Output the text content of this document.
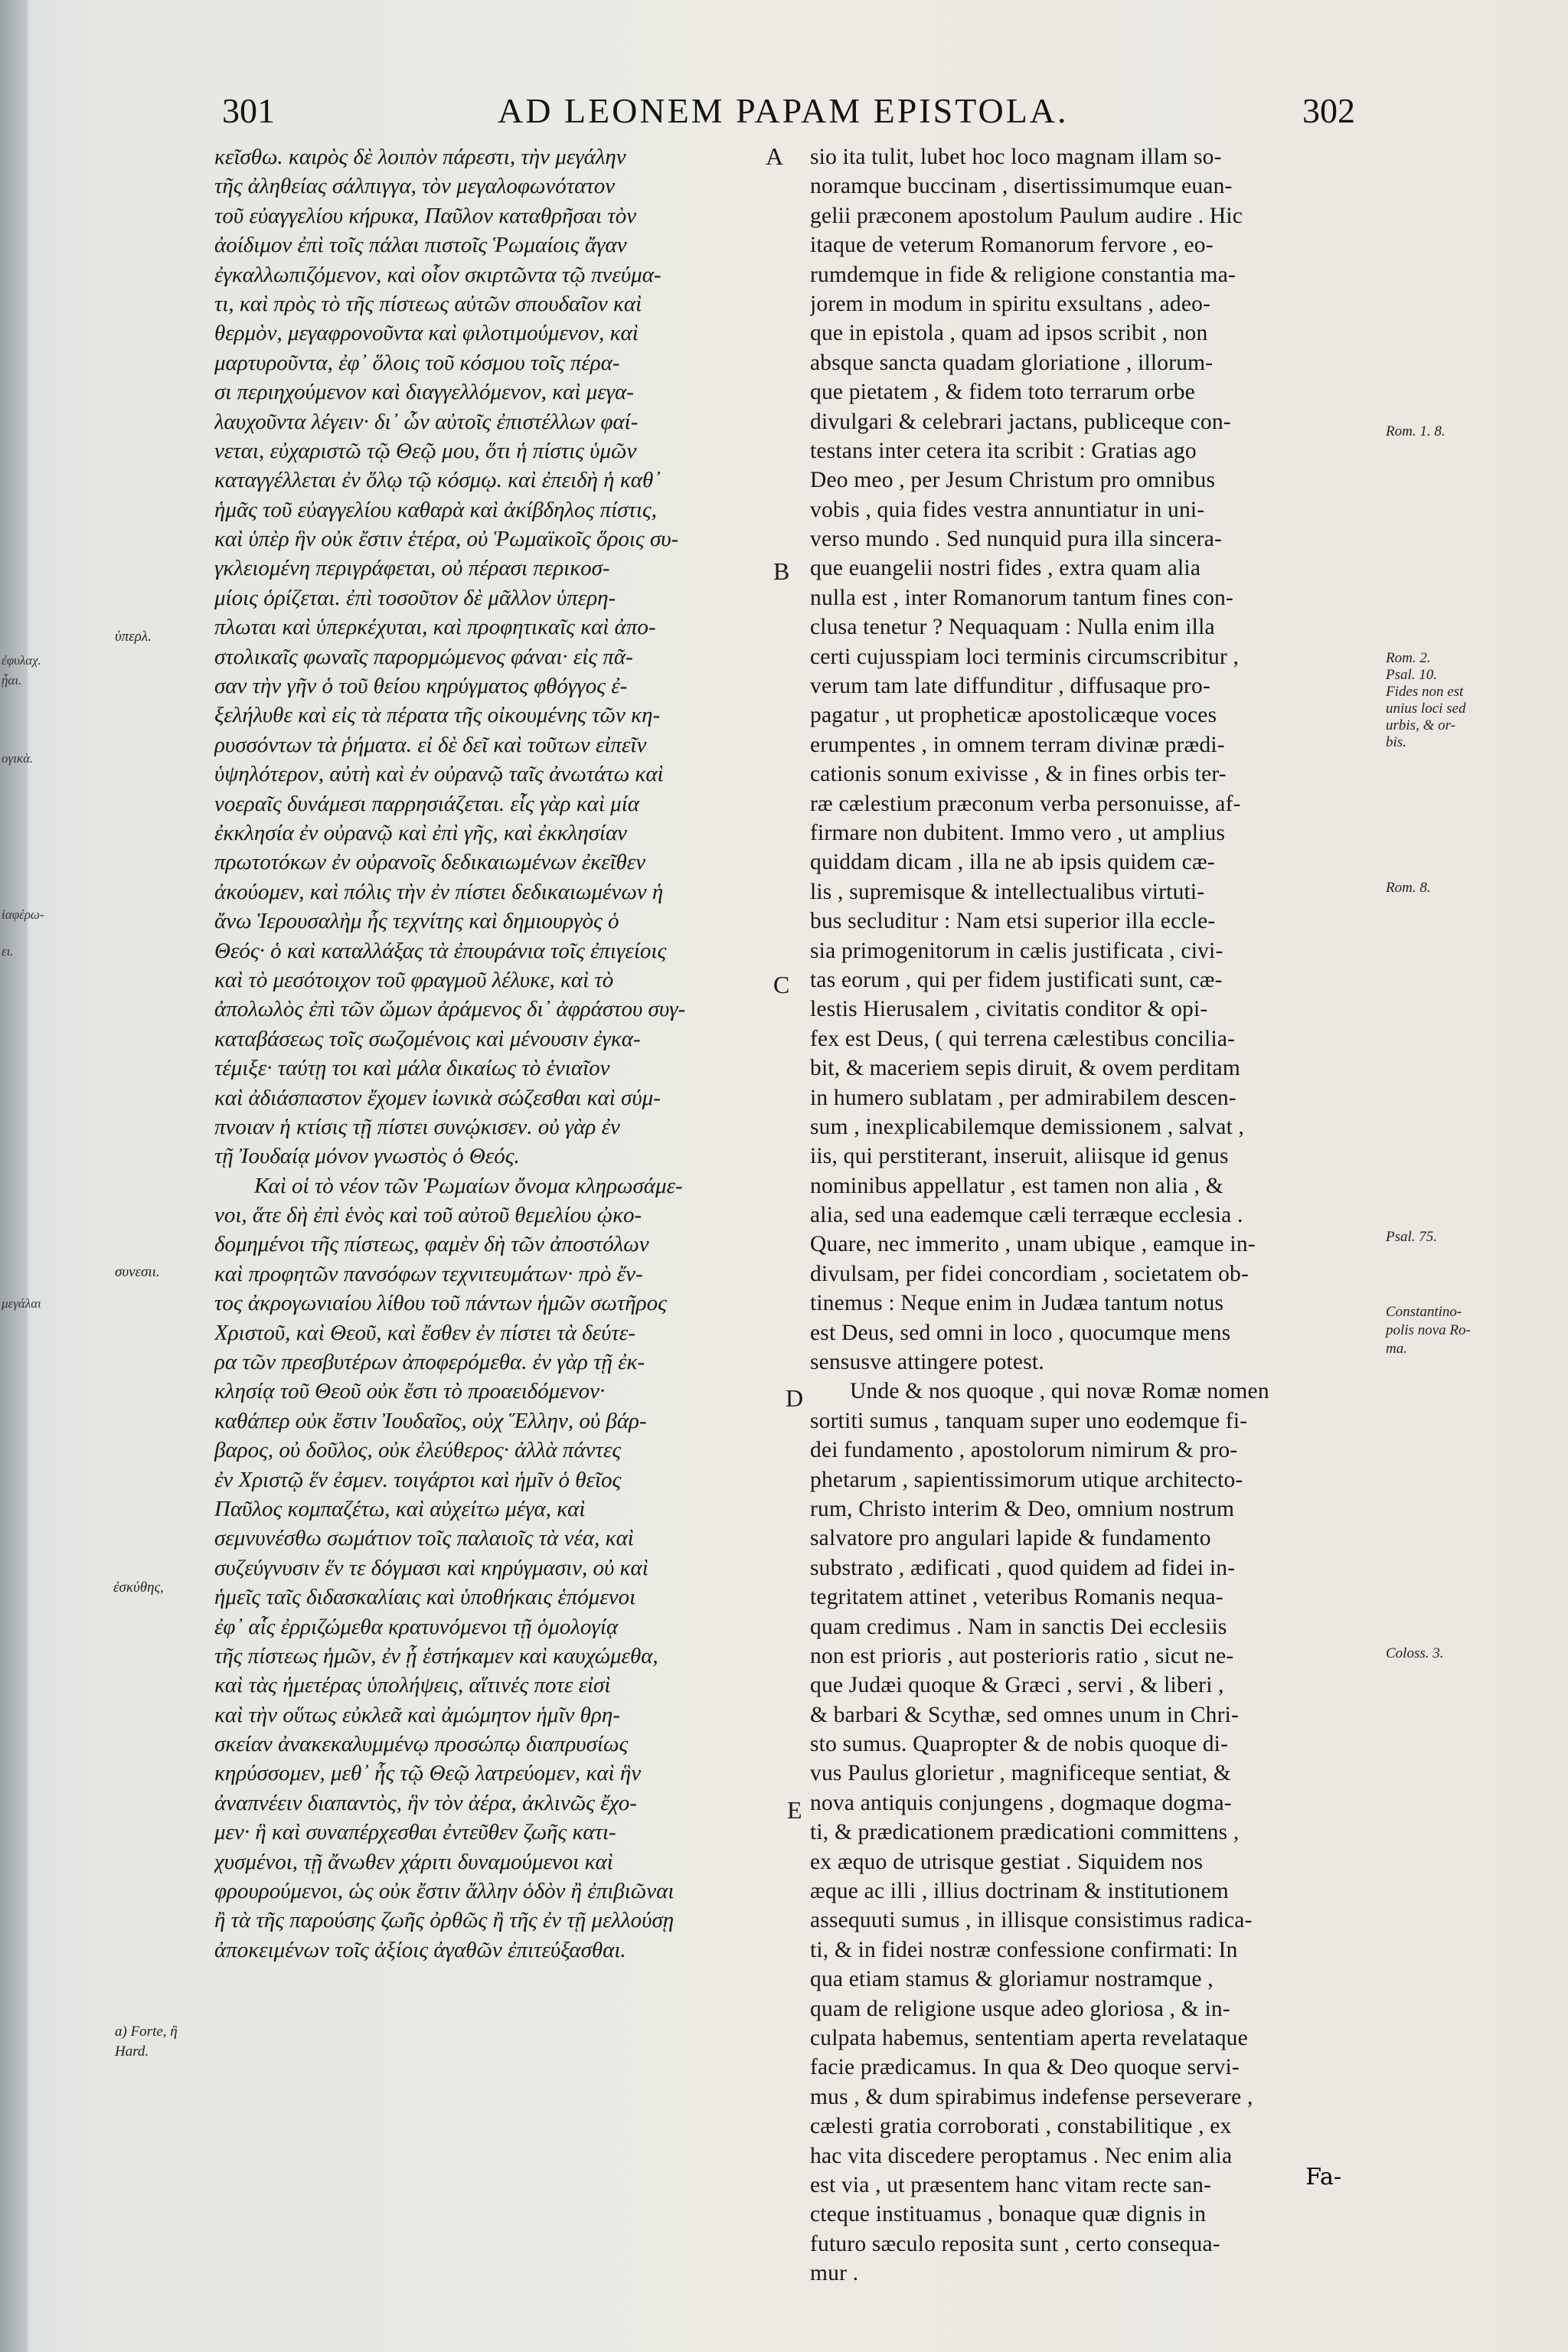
301	AD LEONEM PAPAM EPISTOLA.	302
κεῖσθω. καιρὸς δὲ λοιπὸν πάρεστι, τὴν μεγάλην
τῆς ἀληθείας σάλπιγγα, τὸν μεγαλοφωνότατον
τοῦ εὐαγγελίου κήρυκα, Παῦλον καταθρῆσαι τὸν
ἀοίδιμον ἐπὶ τοῖς πάλαι πιστοῖς Ῥωμαίοις ἄγαν
ἐγκαλλωπιζόμενον, καὶ οἷον σκιρτῶντα τῷ πνεύμα-
τι, καὶ πρὸς τὸ τῆς πίστεως αὐτῶν σπουδαῖον καὶ
θερμὸν, μεγαφρονοῦντα καὶ φιλοτιμούμενον, καὶ
μαρτυροῦντα, ἐφ᾽ ὅλοις τοῦ κόσμου τοῖς πέρα-
σι περιηχούμενον καὶ διαγγελλόμενον, καὶ μεγα-
λαυχοῦντα λέγειν· δι᾽ ὧν αὐτοῖς ἐπιστέλλων φαί-
νεται, εὐχαριστῶ τῷ Θεῷ μου, ὅτι ἡ πίστις ὑμῶν
καταγγέλλεται ἐν ὅλῳ τῷ κόσμῳ. καὶ ἐπειδὴ ἡ καθ᾽
ἡμᾶς τοῦ εὐαγγελίου καθαρὰ καὶ ἀκίβδηλος πίστις,
καὶ ὑπὲρ ἣν οὐκ ἔστιν ἑτέρα, οὐ Ῥωμαϊκοῖς ὅροις συ-
γκλειομένη περιγράφεται, οὐ πέρασι περικοσ-
μίοις ὁρίζεται. ἐπὶ τοσοῦτον δὲ μᾶλλον ὑπερη-
πλωται καὶ ὑπερκέχυται, καὶ προφητικαῖς καὶ ἀπο-
στολικαῖς φωναῖς παρορμώμενος φάναι· εἰς πᾶ-
σαν τὴν γῆν ὁ τοῦ θείου κηρύγματος φθόγγος ἐ-
ξελήλυθε καὶ εἰς τὰ πέρατα τῆς οἰκουμένης τῶν κη-
ρυσσόντων τὰ ῥήματα. εἰ δὲ δεῖ καὶ τοῦτων εἰπεῖν
ὑψηλότερον, αὐτὴ καὶ ἐν οὐρανῷ ταῖς ἀνωτάτω καὶ
νοεραῖς δυνάμεσι παρρησιάζεται. εἷς γὰρ καὶ μία
ἐκκλησία ἐν οὐρανῷ καὶ ἐπὶ γῆς, καὶ ἐκκλησίαν
πρωτοτόκων ἐν οὐρανοῖς δεδικαιωμένων ἐκεῖθεν
ἀκούομεν, καὶ πόλις τὴν ἐν πίστει δεδικαιωμένων ἡ
ἄνω Ἱερουσαλὴμ ἧς τεχνίτης καὶ δημιουργὸς ὁ
Θεός· ὁ καὶ καταλλάξας τὰ ἐπουράνια τοῖς ἐπιγείοις
καὶ τὸ μεσότοιχον τοῦ φραγμοῦ λέλυκε, καὶ τὸ
ἀπολωλὸς ἐπὶ τῶν ὤμων ἀράμενος δι᾽ ἀφράστου συγ-
καταβάσεως τοῖς σωζομένοις καὶ μένουσιν ἐγκα-
τέμιξε· ταύτῃ τοι καὶ μάλα δικαίως τὸ ἑνιαῖον
καὶ ἀδιάσπαστον ἔχομεν ἰωνικὰ σώζεσθαι καὶ σύμ-
πνοιαν ἡ κτίσις τῇ πίστει συνῴκισεν. οὐ γὰρ ἐν
τῇ Ἰουδαίᾳ μόνον γνωστὸς ὁ Θεός.
Καὶ οἱ τὸ νέον τῶν Ῥωμαίων ὄνομα κληρωσάμε-
νοι, ἅτε δὴ ἐπὶ ἑνὸς καὶ τοῦ αὐτοῦ θεμελίου ᾠκο-
δομημένοι τῆς πίστεως, φαμὲν δὴ τῶν ἀποστόλων
καὶ προφητῶν πανσόφων τεχνιτευμάτων· πρὸ ἔν-
τος ἀκρογωνιαίου λίθου τοῦ πάντων ἡμῶν σωτῆρος
Χριστοῦ, καὶ Θεοῦ, καὶ ἔσθεν ἐν πίστει τὰ δεύτε-
ρα τῶν πρεσβυτέρων ἀποφερόμεθα. ἐν γὰρ τῇ ἐκ-
κλησίᾳ τοῦ Θεοῦ οὐκ ἔστι τὸ προαειδόμενον·
καθάπερ οὐκ ἔστιν Ἰουδαῖος, οὐχ Ἕλλην, οὐ βάρ-
βαρος, οὐ δοῦλος, οὐκ ἐλεύθερος· ἀλλὰ πάντες
ἐν Χριστῷ ἕν ἐσμεν. τοιγάρτοι καὶ ἡμῖν ὁ θεῖος
Παῦλος κομπαζέτω, καὶ αὐχείτω μέγα, καὶ
σεμνυνέσθω σωμάτιον τοῖς παλαιοῖς τὰ νέα, καὶ
συζεύγνυσιν ἕν τε δόγμασι καὶ κηρύγμασιν, οὐ καὶ
ἡμεῖς ταῖς διδασκαλίαις καὶ ὑποθήκαις ἑπόμενοι
ἐφ᾽ αἷς ἐρριζώμεθα κρατυνόμενοι τῇ ὁμολογίᾳ
τῆς πίστεως ἡμῶν, ἐν ᾗ ἑστήκαμεν καὶ καυχώμεθα,
καὶ τὰς ἡμετέρας ὑπολήψεις, αἵτινές ποτε εἰσὶ
καὶ τὴν οὕτως εὐκλεᾶ καὶ ἀμώμητον ἡμῖν θρη-
σκείαν ἀνακεκαλυμμένῳ προσώπῳ διαπρυσίως
κηρύσσομεν, μεθ᾽ ἧς τῷ Θεῷ λατρεύομεν, καὶ ἣν
ἀναπνέειν διαπαντὸς, ἣν τὸν ἀέρα, ἀκλινῶς ἔχο-
μεν· ἣ καὶ συναπέρχεσθαι ἐντεῦθεν ζωῆς κατι-
χυσμένοι, τῇ ἄνωθεν χάριτι δυναμούμενοι καὶ
φρουρούμενοι, ὡς οὐκ ἔστιν ἄλλην ὁδὸν ἢ ἐπιβιῶναι
ἢ τὰ τῆς παρούσης ζωῆς ὀρθῶς ἢ τῆς ἐν τῇ μελλούσῃ
ἀποκειμένων τοῖς ἀξίοις ἀγαθῶν ἐπιτεύξασθαι.
sio ita tulit, lubet hoc loco magnam illam so-
noramque buccinam , disertissimumque euan-
gelii præconem apostolum Paulum audire . Hic
itaque de veterum Romanorum fervore , eo-
rumdemque in fide & religione constantia ma-
jorem in modum in spiritu exsultans , adeo-
que in epistola , quam ad ipsos scribit , non
absque sancta quadam gloriatione , illorum-
que pietatem , & fidem toto terrarum orbe
divulgari & celebrari jactans, publiceque con-
testans inter cetera ita scribit : Gratias ago
Deo meo , per Jesum Christum pro omnibus
vobis , quia fides vestra annuntiatur in uni-
verso mundo . Sed nunquid pura illa sincera-
que euangelii nostri fides , extra quam alia
nulla est , inter Romanorum tantum fines con-
clusa tenetur ? Nequaquam : Nulla enim illa
certi cujusspiam loci terminis circumscribitur ,
verum tam late diffunditur , diffusaque pro-
pagatur , ut propheticæ apostolicæque voces
erumpentes , in omnem terram divinæ prædi-
cationis sonum exivisse , & in fines orbis ter-
ræ cælestium præconum verba personuisse, af-
firmare non dubitent. Immo vero , ut amplius
quiddam dicam , illa ne ab ipsis quidem cæ-
lis , supremisque & intellectualibus virtuti-
bus secluditur : Nam etsi superior illa eccle-
sia primogenitorum in cælis justificata , civi-
tas eorum , qui per fidem justificati sunt, cæ-
lestis Hierusalem , civitatis conditor & opi-
fex est Deus, ( qui terrena cælestibus concilia-
bit, & maceriem sepis diruit, & ovem perditam
in humero sublatam , per admirabilem descen-
sum , inexplicabilemque demissionem , salvat ,
iis, qui perstiterant, inseruit, aliisque id genus
nominibus appellatur , est tamen non alia , &
alia, sed una eademque cæli terræque ecclesia .
Quare, nec immerito , unam ubique , eamque in-
divulsam, per fidei concordiam , societatem ob-
tinemus : Neque enim in Judæa tantum notus
est Deus, sed omni in loco , quocumque mens
sensusve attingere potest.
Unde & nos quoque , qui novæ Romæ nomen
sortiti sumus , tanquam super uno eodemque fi-
dei fundamento , apostolorum nimirum & pro-
phetarum , sapientissimorum utique architecto-
rum, Christo interim & Deo, omnium nostrum
salvatore pro angulari lapide & fundamento
substrato , ædificati , quod quidem ad fidei in-
tegritatem attinet , veteribus Romanis nequa-
quam credimus . Nam in sanctis Dei ecclesiis
non est prioris , aut posterioris ratio , sicut ne-
que Judæi quoque & Græci , servi , & liberi ,
& barbari & Scythæ, sed omnes unum in Chri-
sto sumus. Quapropter & de nobis quoque di-
vus Paulus glorietur , magnificeque sentiat, &
nova antiquis conjungens , dogmaque dogma-
ti, & prædicationem prædicationi committens ,
ex æquo de utrisque gestiat . Siquidem nos
æque ac illi , illius doctrinam & institutionem
assequuti sumus , in illisque consistimus radica-
ti, & in fidei nostræ confessione confirmati: In
qua etiam stamus & gloriamur nostramque ,
quam de religione usque adeo gloriosa , & in-
culpata habemus, sententiam aperta revelataque
facie prædicamus. In qua & Deo quoque servi-
mus , & dum spirabimus indefense perseverare ,
cælesti gratia corroborati , constabilitique , ex
hac vita discedere peroptamus . Nec enim alia
est via , ut præsentem hanc vitam recte san-
cteque instituamus , bonaque quæ dignis in
futuro sæculo reposita sunt , certo consequa-
mur .
A
B
C
D
E
Rom. 1. 8.
Rom. 2.
Psal. 10.
Fides non est
unius loci sed
urbis, & or-
bis.
Rom. 8.
Psal. 75.
Constantino-
polis nova Ro-
ma.
Coloss. 3.
ὑπερλ.
συνεσιι.
ἐσκύθης,
a) Forte, ἢ
Hard.
ἐφυλαχ.
ᾗαι.
ογικὰ.
ἰαφέρω-
ει.
μεγάλαι
Fa-
